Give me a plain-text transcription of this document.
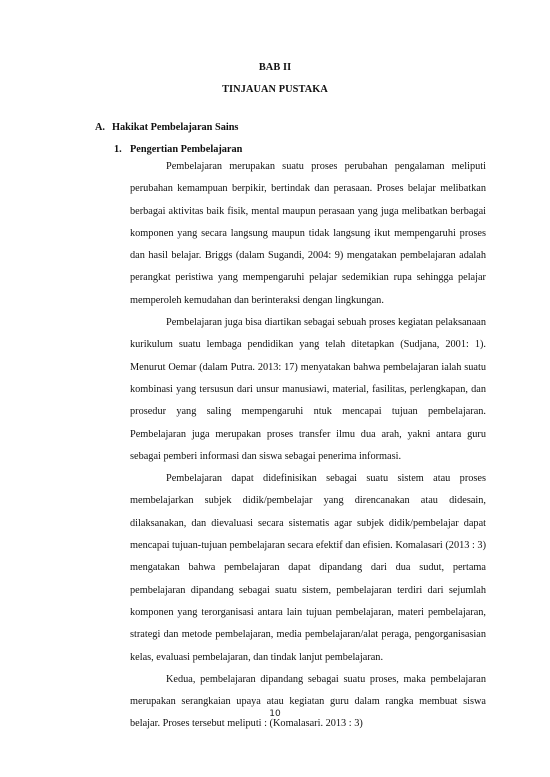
BAB II
TINJAUAN PUSTAKA
A. Hakikat Pembelajaran Sains
1. Pengertian Pembelajaran

Pembelajaran merupakan suatu proses perubahan pengalaman meliputi perubahan kemampuan berpikir, bertindak dan perasaan. Proses belajar melibatkan berbagai aktivitas baik fisik, mental maupun perasaan yang juga melibatkan berbagai komponen yang secara langsung maupun tidak langsung ikut mempengaruhi proses dan hasil belajar. Briggs (dalam Sugandi, 2004: 9) mengatakan pembelajaran adalah perangkat peristiwa yang mempengaruhi pelajar sedemikian rupa sehingga pelajar memperoleh kemudahan dan berinteraksi dengan lingkungan.

Pembelajaran juga bisa diartikan sebagai sebuah proses kegiatan pelaksanaan kurikulum suatu lembaga pendidikan yang telah ditetapkan (Sudjana, 2001: 1). Menurut Oemar (dalam Putra. 2013: 17) menyatakan bahwa pembelajaran ialah suatu kombinasi yang tersusun dari unsur manusiawi, material, fasilitas, perlengkapan, dan prosedur yang saling mempengaruhi ntuk mencapai tujuan pembelajaran. Pembelajaran juga merupakan proses transfer ilmu dua arah, yakni antara guru sebagai pemberi informasi dan siswa sebagai penerima informasi.

Pembelajaran dapat didefinisikan sebagai suatu sistem atau proses membelajarkan subjek didik/pembelajar yang direncanakan atau didesain, dilaksanakan, dan dievaluasi secara sistematis agar subjek didik/pembelajar dapat mencapai tujuan-tujuan pembelajaran secara efektif dan efisien. Komalasari (2013 : 3) mengatakan bahwa pembelajaran dapat dipandang dari dua sudut, pertama pembelajaran dipandang sebagai suatu sistem, pembelajaran terdiri dari sejumlah komponen yang terorganisasi antara lain tujuan pembelajaran, materi pembelajaran, strategi dan metode pembelajaran, media pembelajaran/alat peraga, pengorganisasian kelas, evaluasi pembelajaran, dan tindak lanjut pembelajaran.

Kedua, pembelajaran dipandang sebagai suatu proses, maka pembelajaran merupakan serangkaian upaya atau kegiatan guru dalam rangka membuat siswa belajar. Proses tersebut meliputi : (Komalasari. 2013 : 3)

10
